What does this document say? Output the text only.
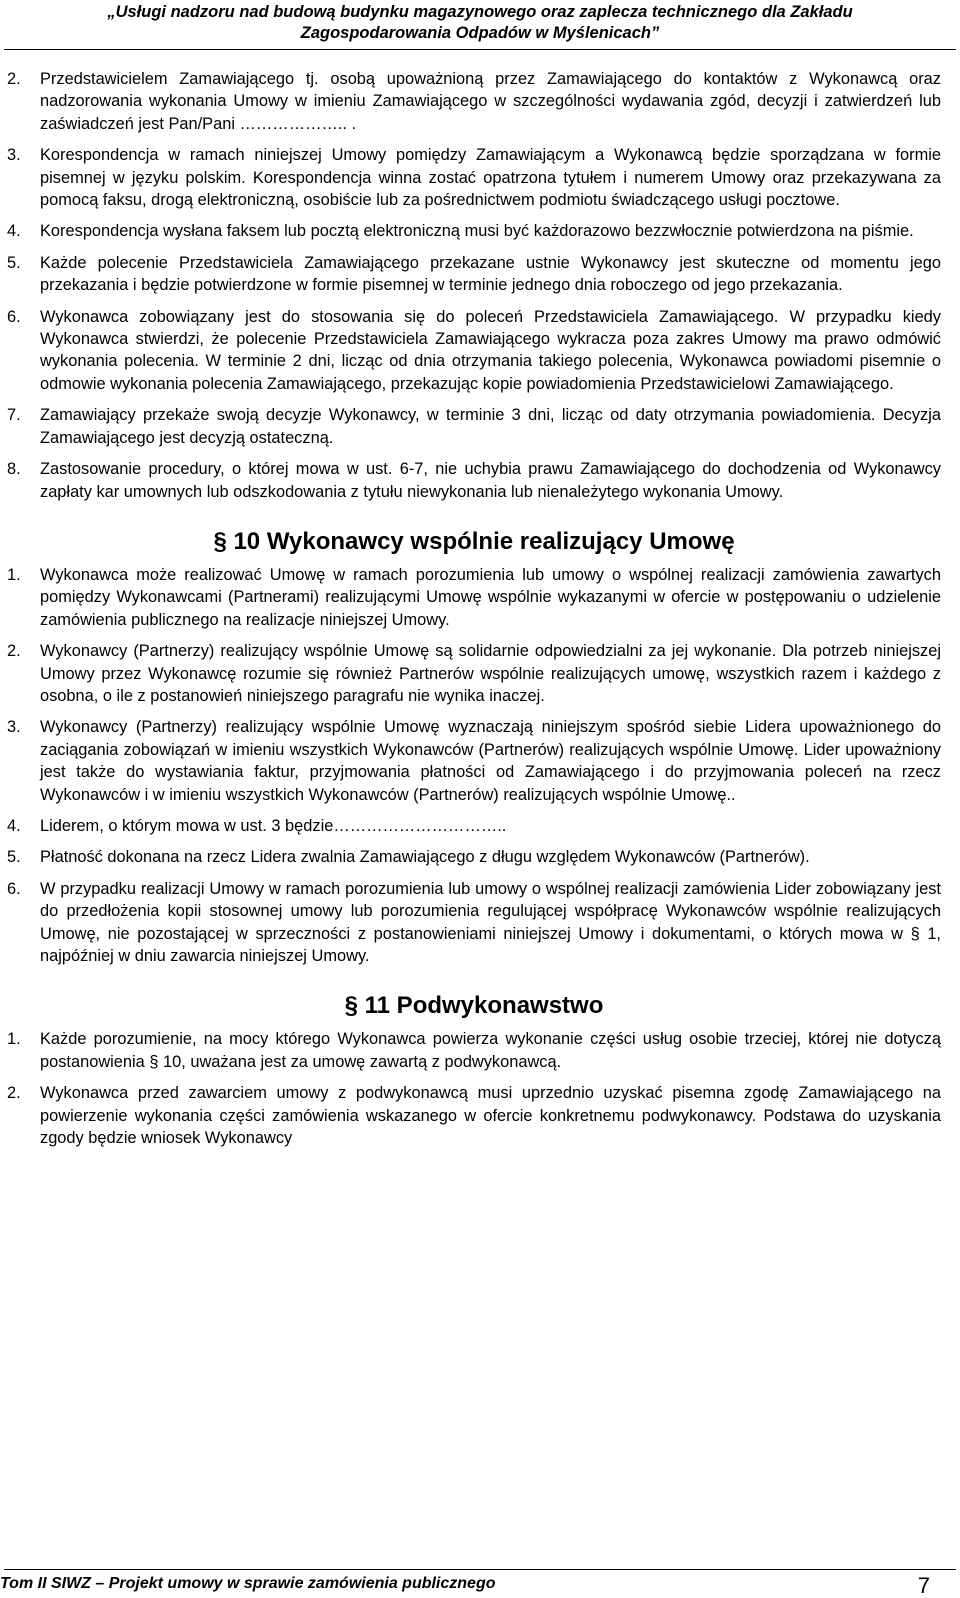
„Usługi nadzoru nad budową budynku magazynowego oraz zaplecza technicznego dla Zakładu
Zagospodarowania Odpadów w Myślenicach”
2. Przedstawicielem Zamawiającego tj. osobą upoważnioną przez Zamawiającego do kontaktów z Wykonawcą oraz nadzorowania wykonania Umowy w imieniu Zamawiającego w szczególności wydawania zgód, decyzji i zatwierdzeń lub zaświadczeń jest Pan/Pani ……………….. .
3. Korespondencja w ramach niniejszej Umowy pomiędzy Zamawiającym a Wykonawcą będzie sporządzana w formie pisemnej w języku polskim. Korespondencja winna zostać opatrzona tytułem i numerem Umowy oraz przekazywana za pomocą faksu, drogą elektroniczną, osobiście lub za pośrednictwem podmiotu świadczącego usługi pocztowe.
4. Korespondencja wysłana faksem lub pocztą elektroniczną musi być każdorazowo bezzwłocznie potwierdzona na piśmie.
5. Każde polecenie Przedstawiciela Zamawiającego przekazane ustnie Wykonawcy jest skuteczne od momentu jego przekazania i będzie potwierdzone w formie pisemnej w terminie jednego dnia roboczego od jego przekazania.
6. Wykonawca zobowiązany jest do stosowania się do poleceń Przedstawiciela Zamawiającego. W przypadku kiedy Wykonawca stwierdzi, że polecenie Przedstawiciela Zamawiającego wykracza poza zakres Umowy ma prawo odmówić wykonania polecenia. W terminie 2 dni, licząc od dnia otrzymania takiego polecenia, Wykonawca powiadomi pisemnie o odmowie wykonania polecenia Zamawiającego, przekazując kopie powiadomienia Przedstawicielowi Zamawiającego.
7. Zamawiający przekaże swoją decyzje Wykonawcy, w terminie 3 dni, licząc od daty otrzymania powiadomienia. Decyzja Zamawiającego jest decyzją ostateczną.
8. Zastosowanie procedury, o której mowa w ust. 6-7, nie uchybia prawu Zamawiającego do dochodzenia od Wykonawcy zapłaty kar umownych lub odszkodowania z tytułu niewykonania lub nienależytego wykonania Umowy.
§ 10 Wykonawcy wspólnie realizujący Umowę
1. Wykonawca może realizować Umowę w ramach porozumienia lub umowy o wspólnej realizacji zamówienia zawartych pomiędzy Wykonawcami (Partnerami) realizującymi Umowę wspólnie wykazanymi w ofercie w postępowaniu o udzielenie zamówienia publicznego na realizacje niniejszej Umowy.
2. Wykonawcy (Partnerzy) realizujący wspólnie Umowę są solidarnie odpowiedzialni za jej wykonanie. Dla potrzeb niniejszej Umowy przez Wykonawcę rozumie się również Partnerów wspólnie realizujących umowę, wszystkich razem i każdego z osobna, o ile z postanowień niniejszego paragrafu nie wynika inaczej.
3. Wykonawcy (Partnerzy) realizujący wspólnie Umowę wyznaczają niniejszym spośród siebie Lidera upoważnionego do zaciągania zobowiązań w imieniu wszystkich Wykonawców (Partnerów) realizujących wspólnie Umowę. Lider upoważniony jest także do wystawiania faktur, przyjmowania płatności od Zamawiającego i do przyjmowania poleceń na rzecz Wykonawców i w imieniu wszystkich Wykonawców (Partnerów) realizujących wspólnie Umowę..
4. Liderem, o którym mowa w ust. 3 będzie…………………………..
5. Płatność dokonana na rzecz Lidera zwalnia Zamawiającego z długu względem Wykonawców (Partnerów).
6. W przypadku realizacji Umowy w ramach porozumienia lub umowy o wspólnej realizacji zamówienia Lider zobowiązany jest do przedłożenia kopii stosownej umowy lub porozumienia regulującej współpracę Wykonawców wspólnie realizujących Umowę, nie pozostającej w sprzeczności z postanowieniami niniejszej Umowy i dokumentami, o których mowa w § 1, najpóźniej w dniu zawarcia niniejszej Umowy.
§ 11 Podwykonawstwo
1. Każde porozumienie, na mocy którego Wykonawca powierza wykonanie części usług osobie trzeciej, której nie dotyczą postanowienia § 10, uważana jest za umowę zawartą z podwykonawcą.
2. Wykonawca przed zawarciem umowy z podwykonawcą musi uprzednio uzyskać pisemna zgodę Zamawiającego na powierzenie wykonania części zamówienia wskazanego w ofercie konkretnemu podwykonawcy. Podstawa do uzyskania zgody będzie wniosek Wykonawcy
Tom II SIWZ – Projekt umowy w sprawie zamówienia publicznego	7
